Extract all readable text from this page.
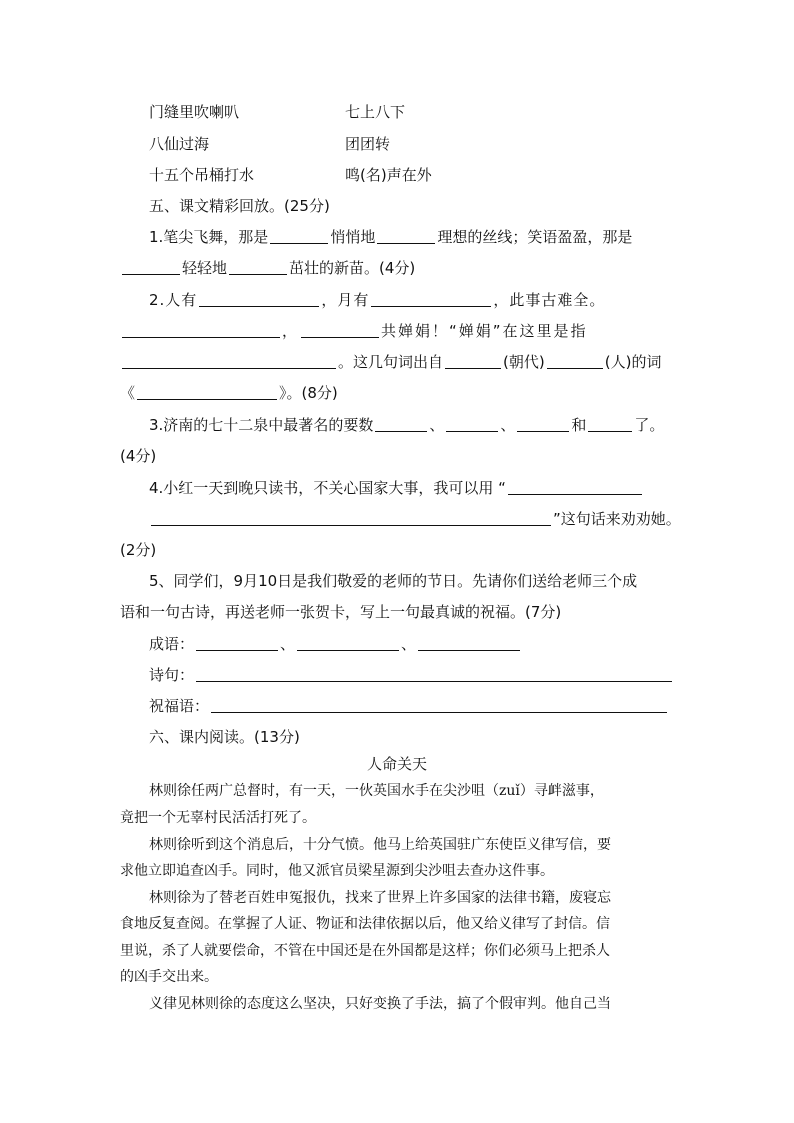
门缝里吹喇叭	七上八下
八仙过海	团团转
十五个吊桶打水	鸣(名)声在外
五、课文精彩回放。(25分)
1.笔尖飞舞，那是	悄悄地	理想的丝线；笑语盈盈，那是
轻轻地	茁壮的新苗。(4分)
2.人有	，月有	，此事古难全。
，	共婵娟！“婵娟”在这里是指
。这几句词出自	(朝代)	(人)的词
《	》。(8分)
3.济南的七十二泉中最著名的要数	、	、	和	了。
(4分)
4.小红一天到晚只读书，不关心国家大事，我可以用 “
”这句话来劝劝她。
(2分)
5、同学们，9月10日是我们敬爱的老师的节日。先请你们送给老师三个成
语和一句古诗，再送老师一张贺卡，写上一句最真诚的祝福。(7分)
成语：	、	、
诗句：
祝福语：
六、课内阅读。(13分)
人命关天
林则徐任两广总督时，有一天，一伙英国水手在尖沙咀（zuǐ）寻衅滋事，
竟把一个无辜村民活活打死了。
林则徐听到这个消息后，十分气愤。他马上给英国驻广东使臣义律写信，要
求他立即追查凶手。同时，他又派官员梁星源到尖沙咀去查办这件事。
林则徐为了替老百姓申冤报仇，找来了世界上许多国家的法律书籍，废寝忘
食地反复查阅。在掌握了人证、物证和法律依据以后，他又给义律写了封信。信
里说，杀了人就要偿命，不管在中国还是在外国都是这样；你们必须马上把杀人
的凶手交出来。
义律见林则徐的态度这么坚决，只好变换了手法，搞了个假审判。他自己当
